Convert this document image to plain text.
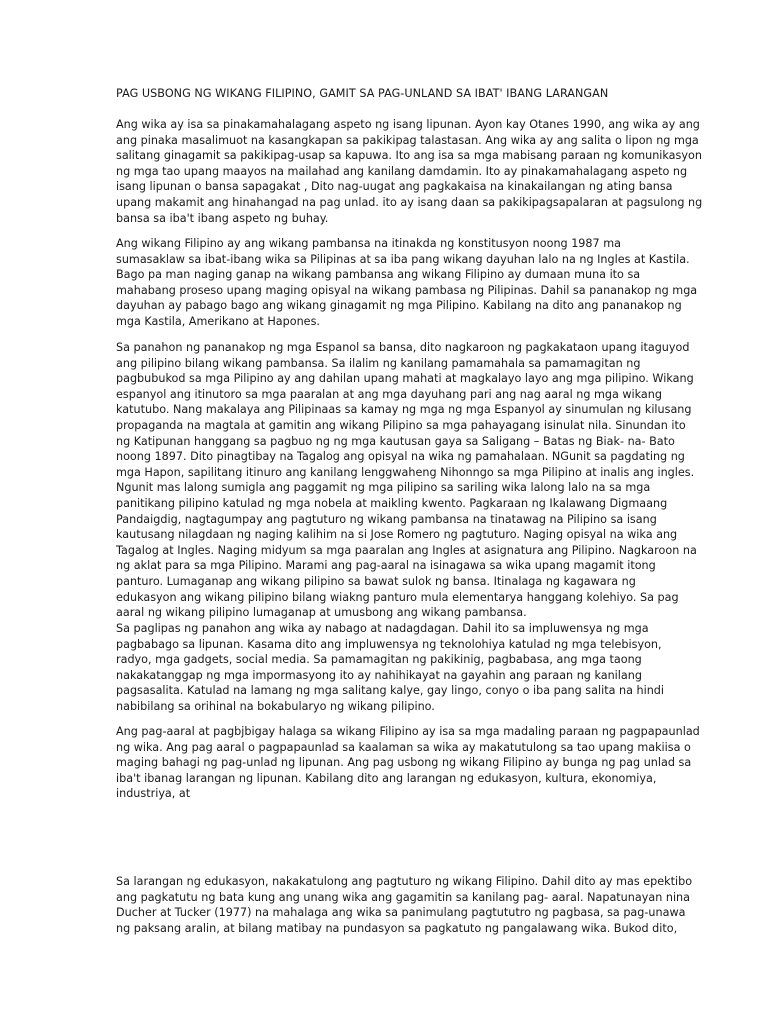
PAG USBONG NG WIKANG FILIPINO, GAMIT SA PAG-UNLAND SA IBAT' IBANG LARANGAN

Ang wika ay isa sa pinakamahalagang aspeto ng isang lipunan. Ayon kay Otanes 1990, ang wika ay ang
ang pinaka masalimuot na kasangkapan sa pakikipag talastasan. Ang wika ay ang salita o lipon ng mga
salitang ginagamit sa pakikipag-usap sa kapuwa. Ito ang isa sa mga mabisang paraan ng komunikasyon
ng mga tao upang maayos na mailahad ang kanilang damdamin. Ito ay pinakamahalagang aspeto ng
isang lipunan o bansa sapagakat , Dito nag-uugat ang pagkakaisa na kinakailangan ng ating bansa
upang makamit ang hinahangad na pag unlad. ito ay isang daan sa pakikipagsapalaran at pagsulong ng
bansa sa iba't ibang aspeto ng buhay.

Ang wikang Filipino ay ang wikang pambansa na itinakda ng konstitusyon noong 1987 ma
sumasaklaw sa ibat-ibang wika sa Pilipinas at sa iba pang wikang dayuhan lalo na ng Ingles at Kastila.
Bago pa man naging ganap na wikang pambansa ang wikang Filipino ay dumaan muna ito sa
mahabang proseso upang maging opisyal na wikang pambasa ng Pilipinas. Dahil sa pananakop ng mga
dayuhan ay pabago bago ang wikang ginagamit ng mga Pilipino. Kabilang na dito ang pananakop ng
mga Kastila, Amerikano at Hapones.

Sa panahon ng pananakop ng mga Espanol sa bansa, dito nagkaroon ng pagkakataon upang itaguyod
ang pilipino bilang wikang pambansa. Sa ilalim ng kanilang pamamahala sa pamamagitan ng
pagbubukod sa mga Pilipino ay ang dahilan upang mahati at magkalayo layo ang mga pilipino. Wikang
espanyol ang itinutoro sa mga paaralan at ang mga dayuhang pari ang nag aaral ng mga wikang
katutubo. Nang makalaya ang Pilipinaas sa kamay ng mga ng mga Espanyol ay sinumulan ng kilusang
propaganda na magtala at gamitin ang wikang Pilipino sa mga pahayagang isinulat nila. Sinundan ito
ng Katipunan hanggang sa pagbuo ng ng mga kautusan gaya sa Saligang – Batas ng Biak- na- Bato
noong 1897. Dito pinagtibay na Tagalog ang opisyal na wika ng pamahalaan. NGunit sa pagdating ng
mga Hapon, sapilitang itinuro ang kanilang lenggwaheng Nihonngo sa mga Pilipino at inalis ang ingles.
Ngunit mas lalong sumigla ang paggamit ng mga pilipino sa sariling wika lalong lalo na sa mga
panitikang pilipino katulad ng mga nobela at maikling kwento. Pagkaraan ng Ikalawang Digmaang
Pandaigdig, nagtagumpay ang pagtuturo ng wikang pambansa na tinatawag na Pilipino sa isang
kautusang nilagdaan ng naging kalihim na si Jose Romero ng pagtuturo. Naging opisyal na wika ang
Tagalog at Ingles. Naging midyum sa mga paaralan ang Ingles at asignatura ang Pilipino. Nagkaroon na
ng aklat para sa mga Pilipino. Marami ang pag-aaral na isinagawa sa wika upang magamit itong
panturo. Lumaganap ang wikang pilipino sa bawat sulok ng bansa. Itinalaga ng kagawara ng
edukasyon ang wikang pilipino bilang wiakng panturo mula elementarya hanggang kolehiyo. Sa pag
aaral ng wikang pilipino lumaganap at umusbong ang wikang pambansa.

Sa paglipas ng panahon ang wika ay nabago at nadagdagan. Dahil ito sa impluwensya ng mga
pagbabago sa lipunan. Kasama dito ang impluwensya ng teknolohiya katulad ng mga telebisyon,
radyo, mga gadgets, social media. Sa pamamagitan ng pakikinig, pagbabasa, ang mga taong
nakakatanggap ng mga impormasyong ito ay nahihikayat na gayahin ang paraan ng kanilang
pagsasalita. Katulad na lamang ng mga salitang kalye, gay lingo, conyo o iba pang salita na hindi
nabibilang sa orihinal na bokabularyo ng wikang pilipino.

Ang pag-aaral at pagbjbigay halaga sa wikang Filipino ay isa sa mga madaling paraan ng pagpapaunlad
ng wika. Ang pag aaral o pagpapaunlad sa kaalaman sa wika ay makatutulong sa tao upang makiisa o
maging bahagi ng pag-unlad ng lipunan. Ang pag usbong ng wikang Filipino ay bunga ng pag unlad sa
iba't ibanag larangan ng lipunan. Kabilang dito ang larangan ng edukasyon, kultura, ekonomiya,
industriya, at

Sa larangan ng edukasyon, nakakatulong ang pagtuturo ng wikang Filipino. Dahil dito ay mas epektibo
ang pagkatutu ng bata kung ang unang wika ang gagamitin sa kanilang pag- aaral. Napatunayan nina
Ducher at Tucker (1977) na mahalaga ang wika sa panimulang pagtututro ng pagbasa, sa pag-unawa
ng paksang aralin, at bilang matibay na pundasyon sa pagkatuto ng pangalawang wika. Bukod dito,
